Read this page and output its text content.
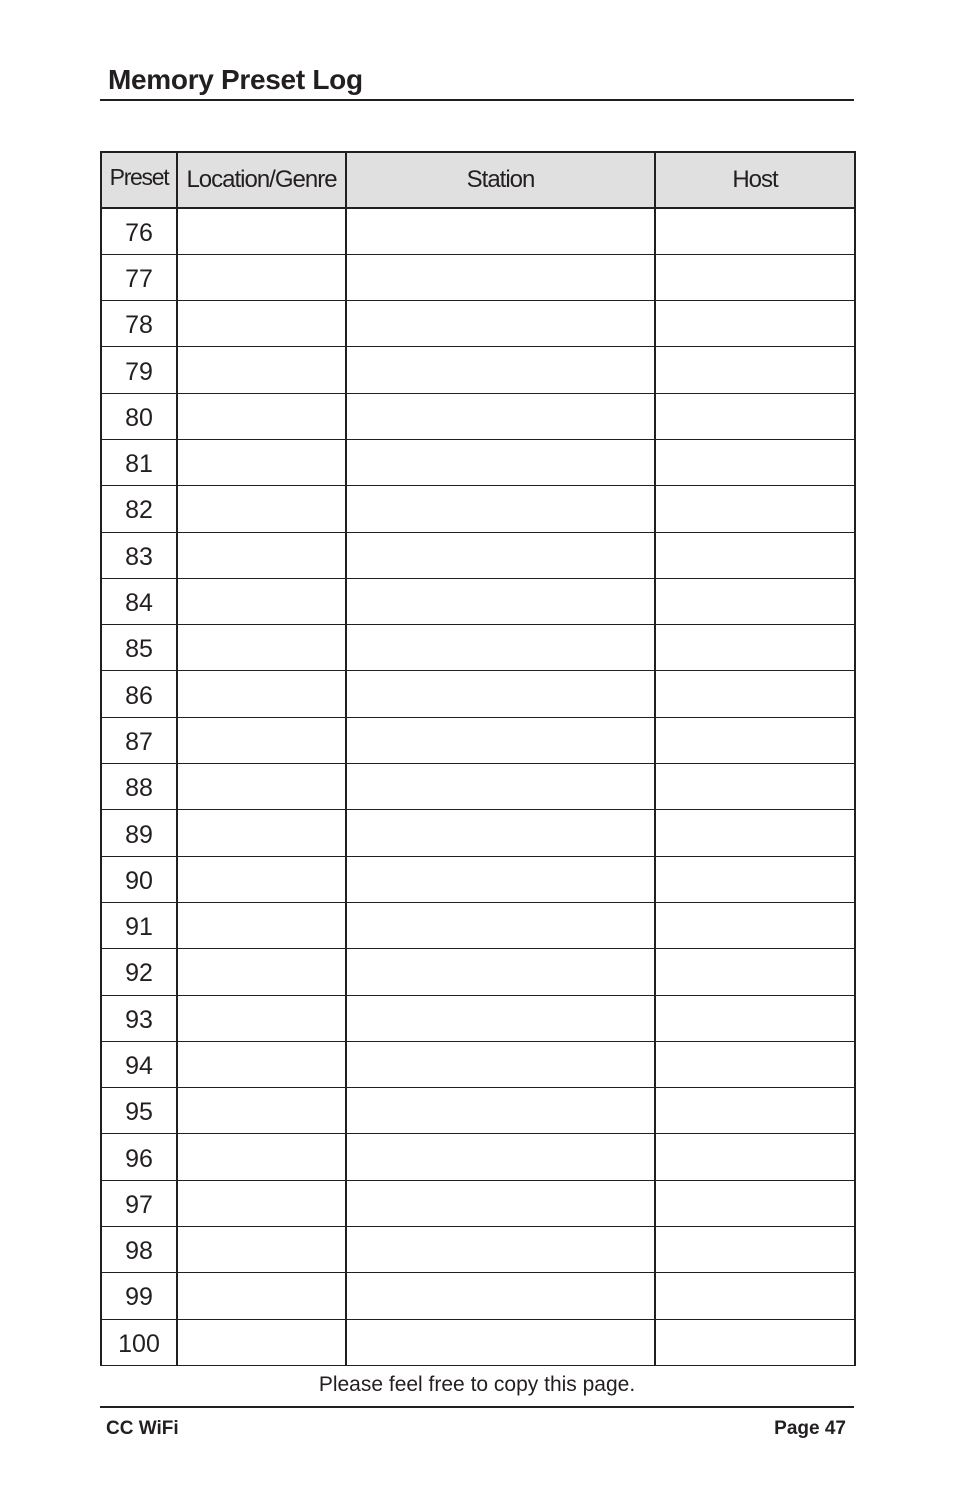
Memory Preset Log
Preset	Location/Genre	Station	Host
76			
77			
78			
79			
80			
81			
82			
83			
84			
85			
86			
87			
88			
89			
90			
91			
92			
93			
94			
95			
96			
97			
98			
99			
100			
Please feel free to copy this page.
CC WiFi	Page 47
